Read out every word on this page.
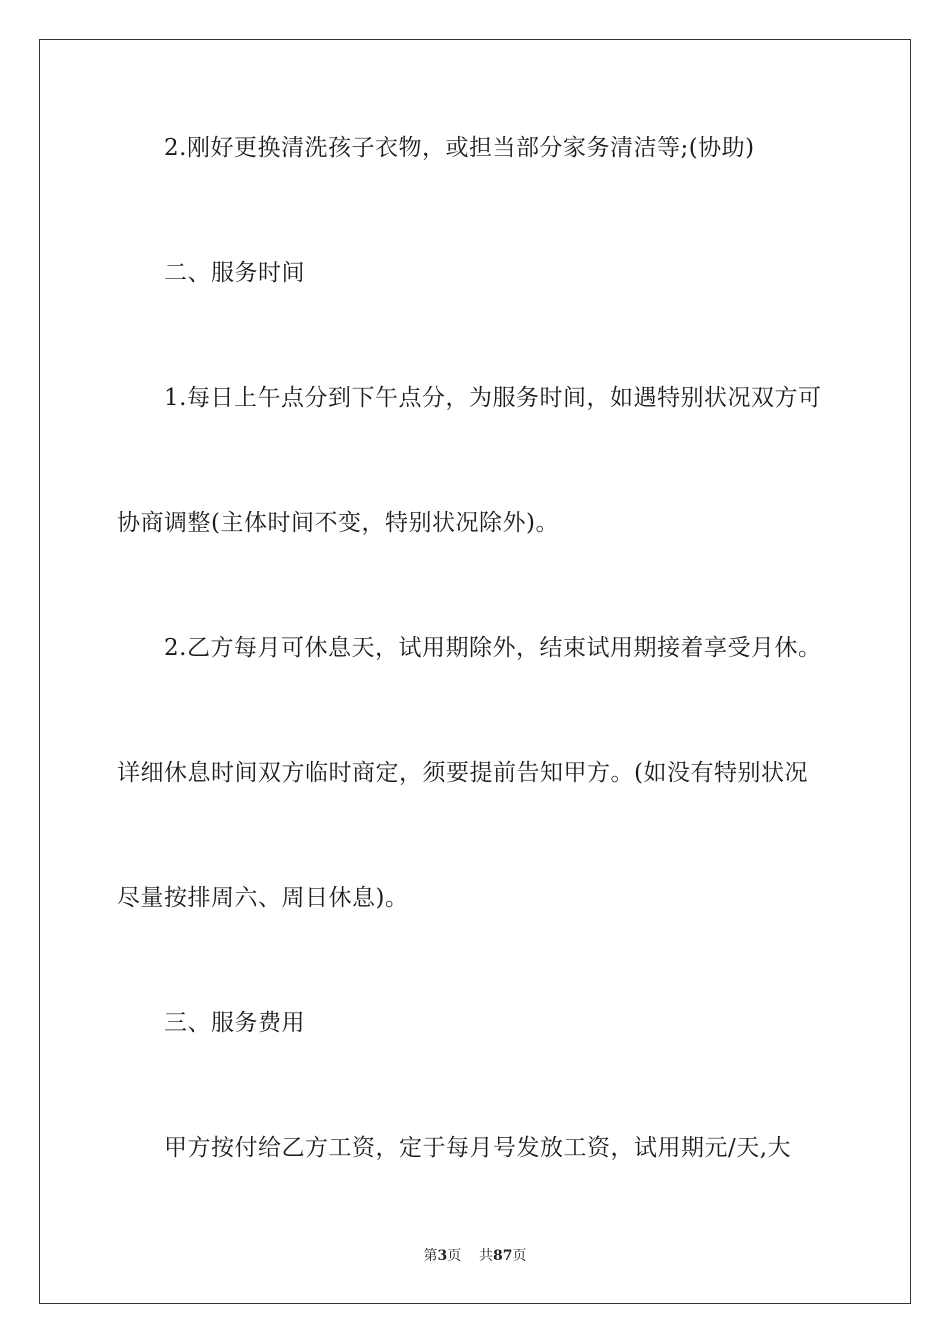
2.刚好更换清洗孩子衣物，或担当部分家务清洁等;(协助)
二、服务时间
1.每日上午点分到下午点分，为服务时间，如遇特别状况双方可
协商调整(主体时间不变，特别状况除外)。
2.乙方每月可休息天，试用期除外，结束试用期接着享受月休。
详细休息时间双方临时商定，须要提前告知甲方。(如没有特别状况
尽量按排周六、周日休息)。
三、服务费用
甲方按付给乙方工资，定于每月号发放工资，试用期元/天,大
第3页 共87页
